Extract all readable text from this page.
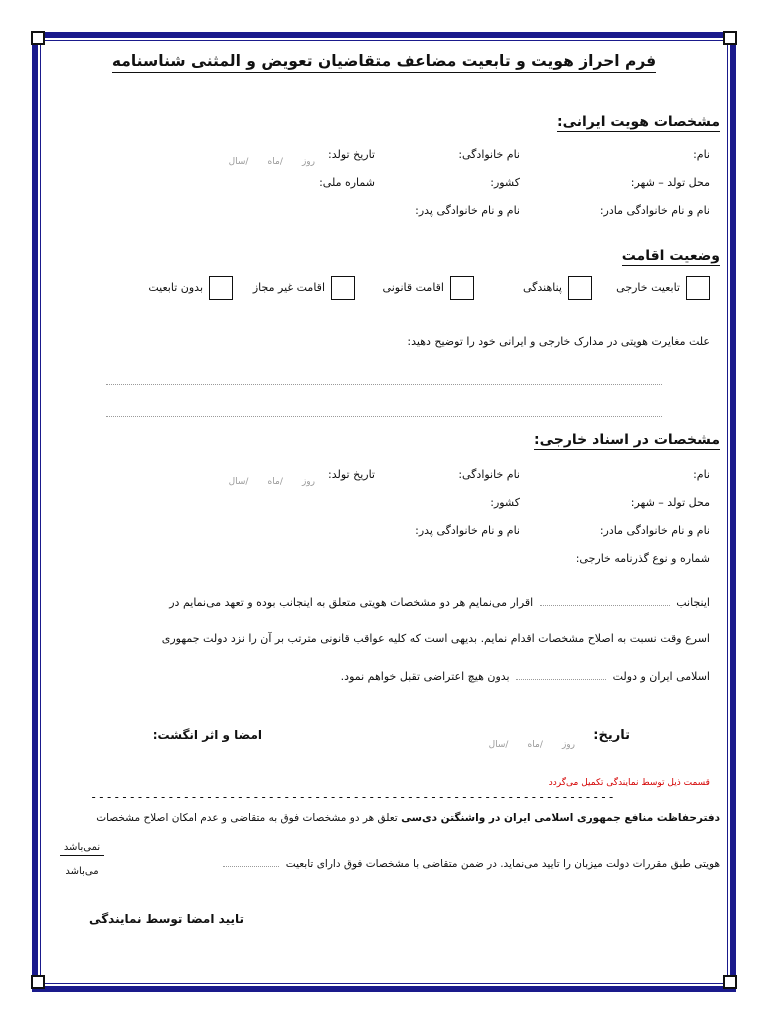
فرم احراز هویت و تابعیت مضاعف متقاضیان تعویض و المثنی شناسنامه
مشخصات هویت ایرانی:
نام:
نام خانوادگی:
تاریخ تولد:
روز /ماه /سال
محل تولد – شهر:
کشور:
شماره ملی:
نام و نام خانوادگی مادر:
نام و نام خانوادگی پدر:
وضعیت اقامت
تابعیت خارجی
پناهندگی
اقامت قانونی
اقامت غیر مجاز
بدون تابعیت
علت مغایرت هویتی در مدارک خارجی و ایرانی خود را توضیح دهید:
مشخصات در اسناد خارجی:
نام:
نام خانوادگی:
تاریخ تولد:
روز /ماه /سال
محل تولد – شهر:
کشور:
نام و نام خانوادگی مادر:
نام و نام خانوادگی پدر:
شماره و نوع گذرنامه خارجی:
اینجانب  اقرار می‌نمایم هر دو مشخصات هویتی متعلق به اینجانب بوده و تعهد می‌نمایم در
اسرع وقت نسبت به اصلاح مشخصات اقدام نمایم. بدیهی است که کلیه عواقب قانونی مترتب بر آن را نزد دولت جمهوری
اسلامی ایران و دولت  بدون هیچ اعتراضی تقبل خواهم نمود.
تاریخ:
روز /ماه /سال
امضا و اثر انگشت:
قسمت ذیل توسط نمایندگی تکمیل می‌گردد
--------------------------------------------------------------------
دفترحفاظت منافع جمهوری اسلامی ایران در واشنگتن دی‌سی تعلق هر دو مشخصات فوق به متقاضی و عدم امکان اصلاح مشخصات
هویتی طبق مقررات دولت میزبان را تایید می‌نماید. در ضمن متقاضی با مشخصات فوق دارای تابعیت
نمی‌باشد
می‌باشد
تایید امضا توسط نمایندگی
